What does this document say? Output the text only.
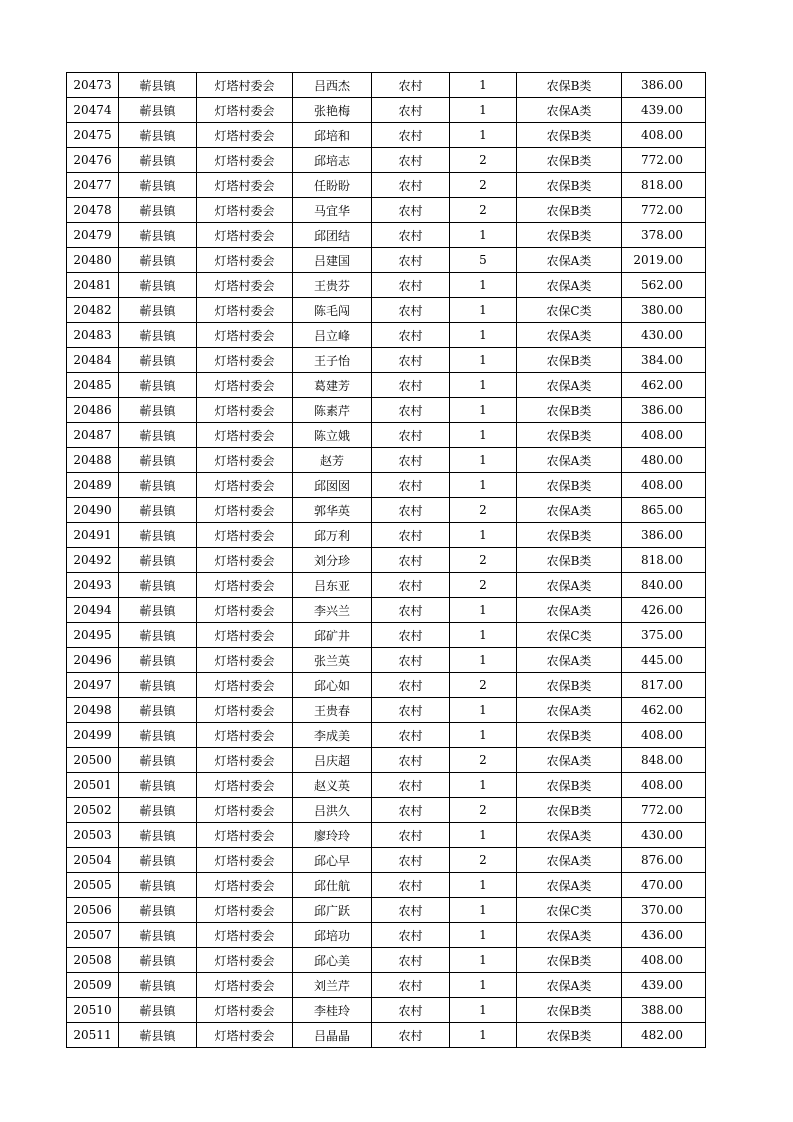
20473	蕲县镇	灯塔村委会	吕西杰	农村	1	农保B类	386.00
20474	蕲县镇	灯塔村委会	张艳梅	农村	1	农保A类	439.00
20475	蕲县镇	灯塔村委会	邱培和	农村	1	农保B类	408.00
20476	蕲县镇	灯塔村委会	邱培志	农村	2	农保B类	772.00
20477	蕲县镇	灯塔村委会	任盼盼	农村	2	农保B类	818.00
20478	蕲县镇	灯塔村委会	马宜华	农村	2	农保B类	772.00
20479	蕲县镇	灯塔村委会	邱团结	农村	1	农保B类	378.00
20480	蕲县镇	灯塔村委会	吕建国	农村	5	农保A类	2019.00
20481	蕲县镇	灯塔村委会	王贵芬	农村	1	农保A类	562.00
20482	蕲县镇	灯塔村委会	陈毛闯	农村	1	农保C类	380.00
20483	蕲县镇	灯塔村委会	吕立峰	农村	1	农保A类	430.00
20484	蕲县镇	灯塔村委会	王子怡	农村	1	农保B类	384.00
20485	蕲县镇	灯塔村委会	葛建芳	农村	1	农保A类	462.00
20486	蕲县镇	灯塔村委会	陈素芹	农村	1	农保B类	386.00
20487	蕲县镇	灯塔村委会	陈立娥	农村	1	农保B类	408.00
20488	蕲县镇	灯塔村委会	赵芳	农村	1	农保A类	480.00
20489	蕲县镇	灯塔村委会	邱囡囡	农村	1	农保B类	408.00
20490	蕲县镇	灯塔村委会	郭华英	农村	2	农保A类	865.00
20491	蕲县镇	灯塔村委会	邱万利	农村	1	农保B类	386.00
20492	蕲县镇	灯塔村委会	刘分珍	农村	2	农保B类	818.00
20493	蕲县镇	灯塔村委会	吕东亚	农村	2	农保A类	840.00
20494	蕲县镇	灯塔村委会	李兴兰	农村	1	农保A类	426.00
20495	蕲县镇	灯塔村委会	邱矿井	农村	1	农保C类	375.00
20496	蕲县镇	灯塔村委会	张兰英	农村	1	农保A类	445.00
20497	蕲县镇	灯塔村委会	邱心如	农村	2	农保B类	817.00
20498	蕲县镇	灯塔村委会	王贵春	农村	1	农保A类	462.00
20499	蕲县镇	灯塔村委会	李成美	农村	1	农保B类	408.00
20500	蕲县镇	灯塔村委会	吕庆超	农村	2	农保A类	848.00
20501	蕲县镇	灯塔村委会	赵义英	农村	1	农保B类	408.00
20502	蕲县镇	灯塔村委会	吕洪久	农村	2	农保B类	772.00
20503	蕲县镇	灯塔村委会	廖玲玲	农村	1	农保A类	430.00
20504	蕲县镇	灯塔村委会	邱心早	农村	2	农保A类	876.00
20505	蕲县镇	灯塔村委会	邱仕航	农村	1	农保A类	470.00
20506	蕲县镇	灯塔村委会	邱广跃	农村	1	农保C类	370.00
20507	蕲县镇	灯塔村委会	邱培功	农村	1	农保A类	436.00
20508	蕲县镇	灯塔村委会	邱心美	农村	1	农保B类	408.00
20509	蕲县镇	灯塔村委会	刘兰芹	农村	1	农保A类	439.00
20510	蕲县镇	灯塔村委会	李桂玲	农村	1	农保B类	388.00
20511	蕲县镇	灯塔村委会	吕晶晶	农村	1	农保B类	482.00
